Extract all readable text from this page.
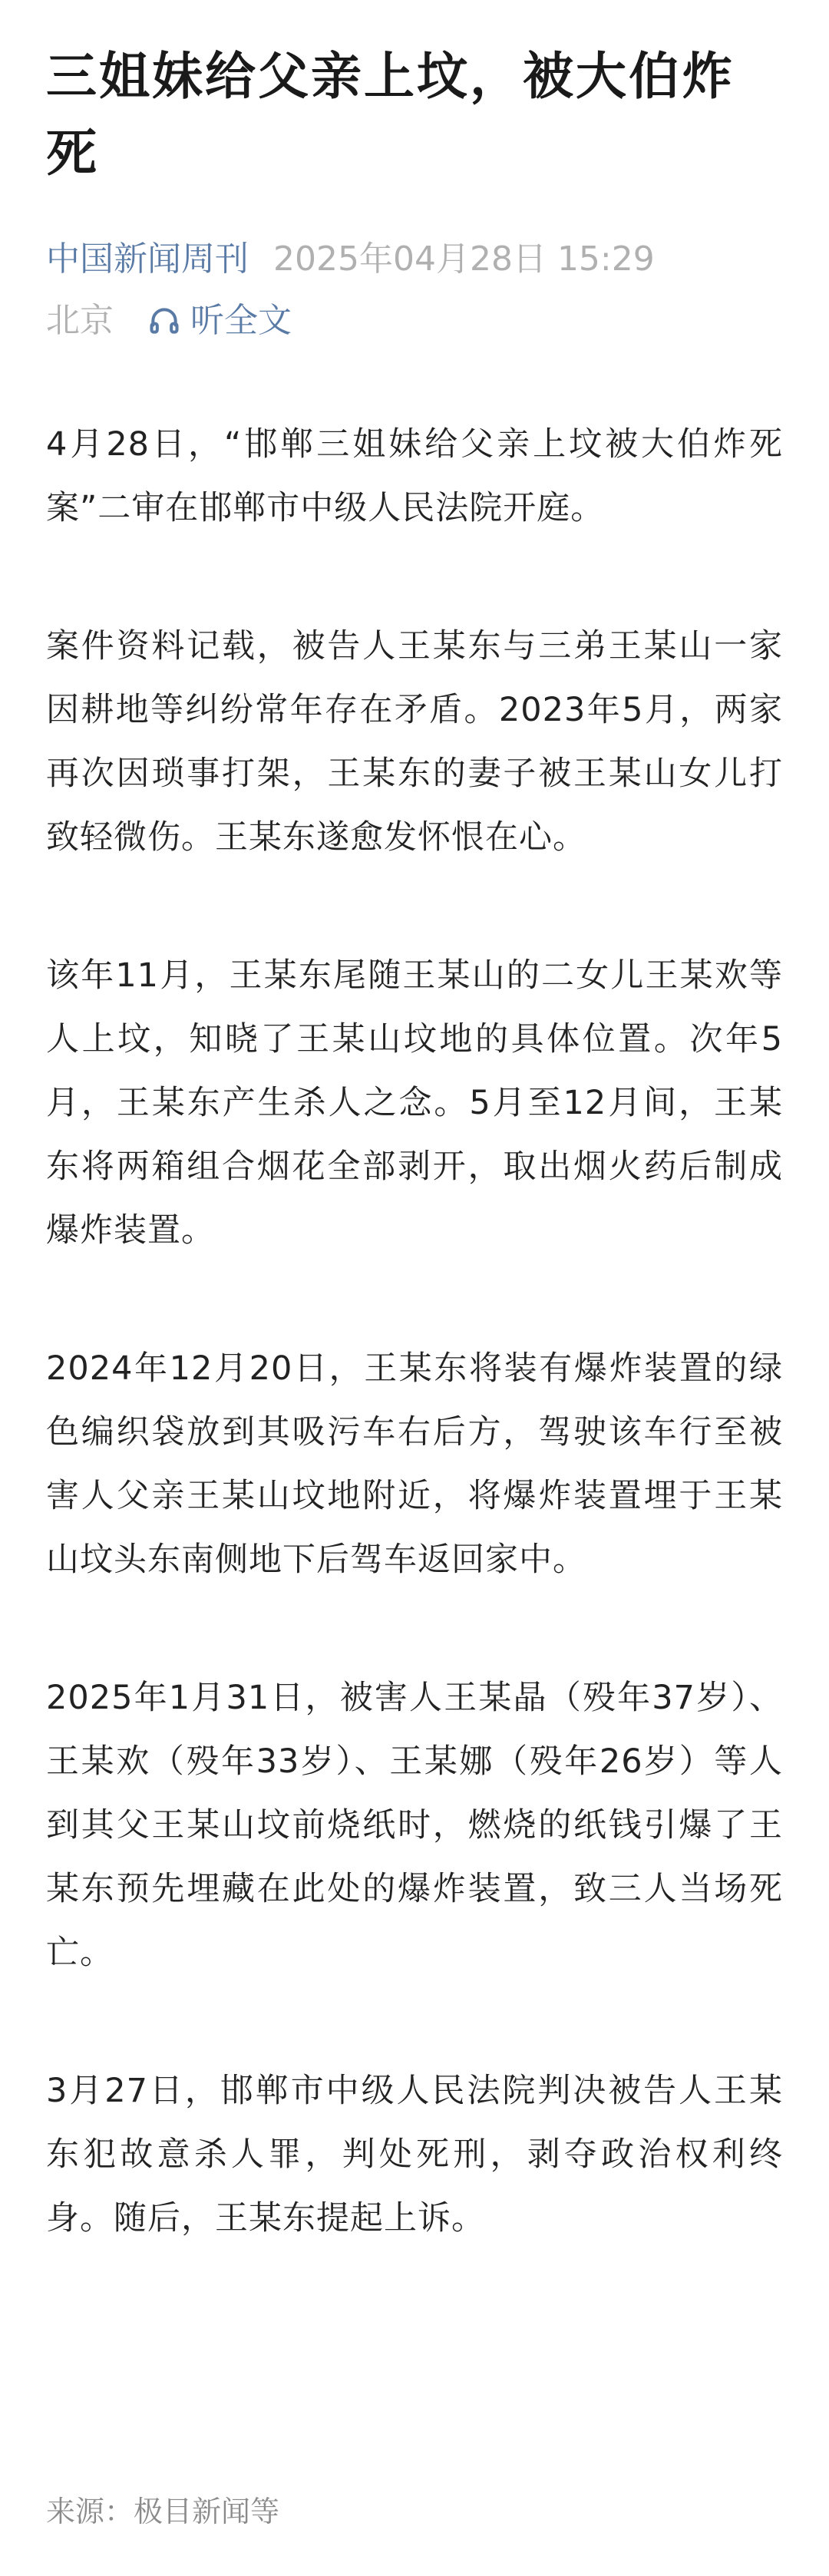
三姐妹给父亲上坟，被大伯炸死
中国新闻周刊 2025年04月28日 15:29
北京 听全文

4月28日，“邯郸三姐妹给父亲上坟被大伯炸死案”二审在邯郸市中级人民法院开庭。

案件资料记载，被告人王某东与三弟王某山一家因耕地等纠纷常年存在矛盾。2023年5月，两家再次因琐事打架，王某东的妻子被王某山女儿打致轻微伤。王某东遂愈发怀恨在心。

该年11月，王某东尾随王某山的二女儿王某欢等人上坟，知晓了王某山坟地的具体位置。次年5月，王某东产生杀人之念。5月至12月间，王某东将两箱组合烟花全部剥开，取出烟火药后制成爆炸装置。

2024年12月20日，王某东将装有爆炸装置的绿色编织袋放到其吸污车右后方，驾驶该车行至被害人父亲王某山坟地附近，将爆炸装置埋于王某山坟头东南侧地下后驾车返回家中。

2025年1月31日，被害人王某晶（殁年37岁）、王某欢（殁年33岁）、王某娜（殁年26岁）等人到其父王某山坟前烧纸时，燃烧的纸钱引爆了王某东预先埋藏在此处的爆炸装置，致三人当场死亡。

3月27日，邯郸市中级人民法院判决被告人王某东犯故意杀人罪，判处死刑，剥夺政治权利终身。随后，王某东提起上诉。

来源：极目新闻等
